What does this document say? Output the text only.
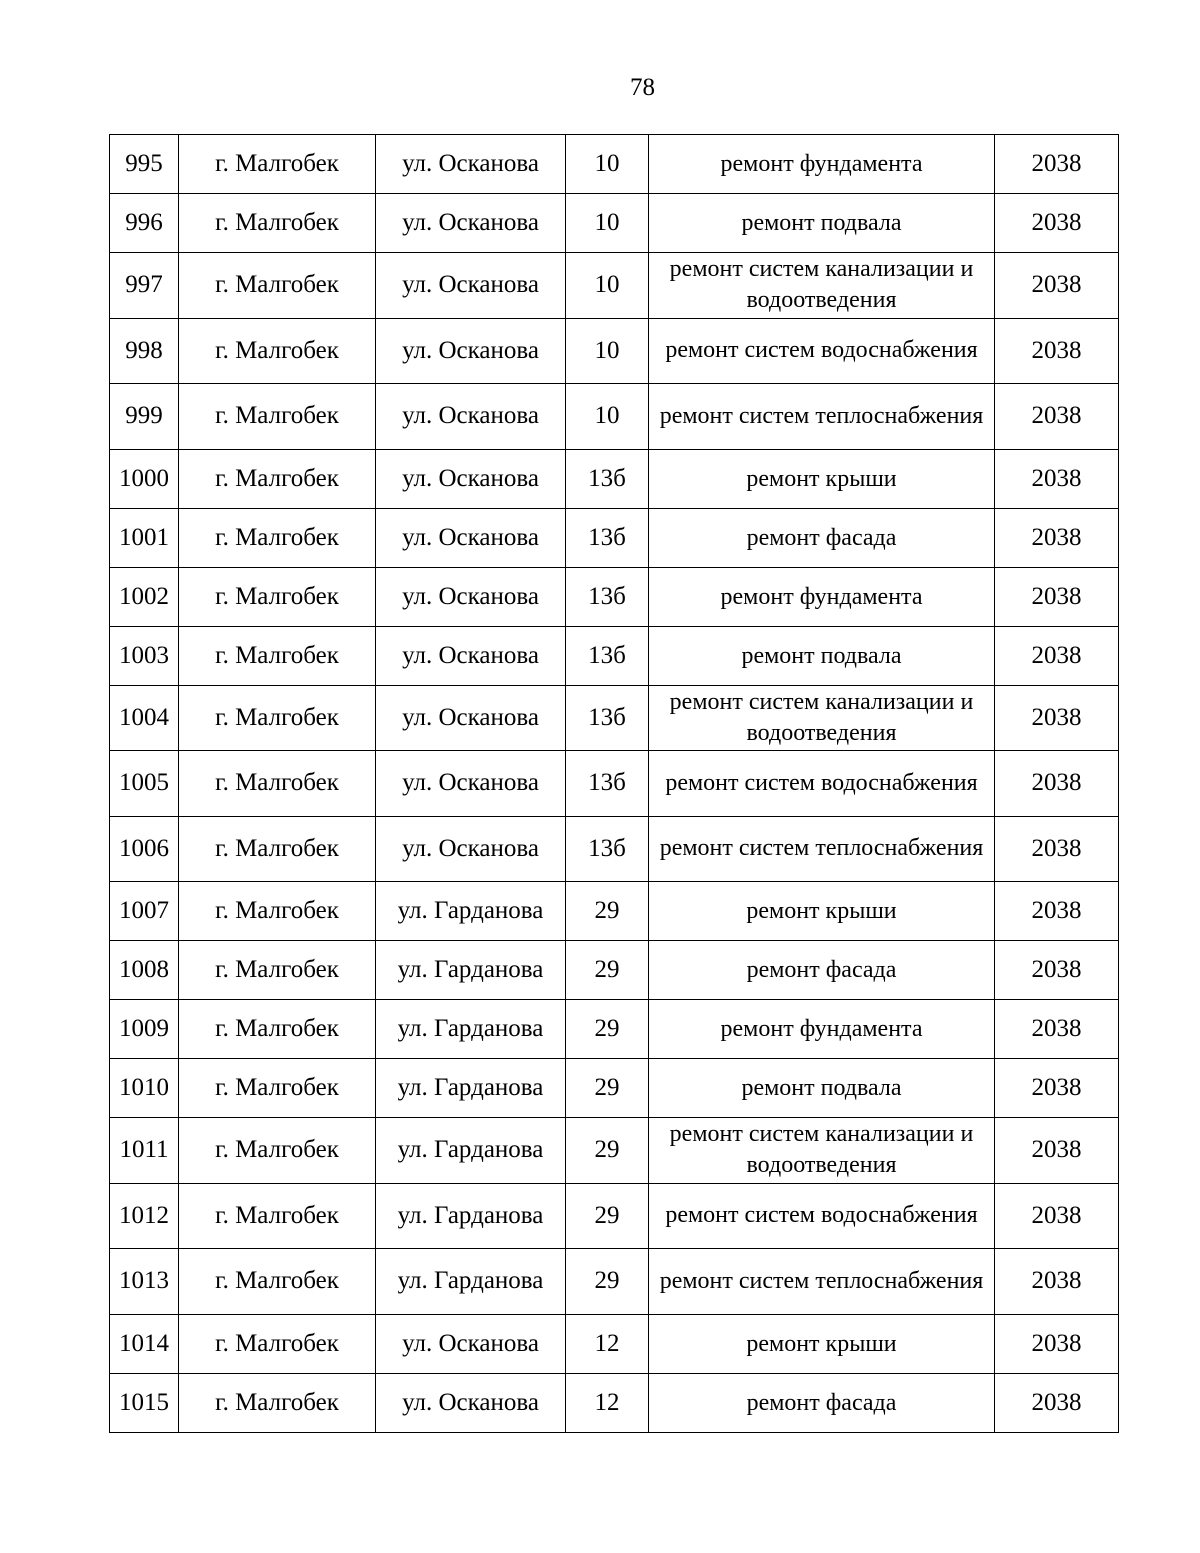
78
995	г. Малгобек	ул. Осканова	10	ремонт фундамента	2038
996	г. Малгобек	ул. Осканова	10	ремонт подвала	2038
997	г. Малгобек	ул. Осканова	10	ремонт систем канализации и водоотведения	2038
998	г. Малгобек	ул. Осканова	10	ремонт систем водоснабжения	2038
999	г. Малгобек	ул. Осканова	10	ремонт систем теплоснабжения	2038
1000	г. Малгобек	ул. Осканова	13б	ремонт крыши	2038
1001	г. Малгобек	ул. Осканова	13б	ремонт фасада	2038
1002	г. Малгобек	ул. Осканова	13б	ремонт фундамента	2038
1003	г. Малгобек	ул. Осканова	13б	ремонт подвала	2038
1004	г. Малгобек	ул. Осканова	13б	ремонт систем канализации и водоотведения	2038
1005	г. Малгобек	ул. Осканова	13б	ремонт систем водоснабжения	2038
1006	г. Малгобек	ул. Осканова	13б	ремонт систем теплоснабжения	2038
1007	г. Малгобек	ул. Гарданова	29	ремонт крыши	2038
1008	г. Малгобек	ул. Гарданова	29	ремонт фасада	2038
1009	г. Малгобек	ул. Гарданова	29	ремонт фундамента	2038
1010	г. Малгобек	ул. Гарданова	29	ремонт подвала	2038
1011	г. Малгобек	ул. Гарданова	29	ремонт систем канализации и водоотведения	2038
1012	г. Малгобек	ул. Гарданова	29	ремонт систем водоснабжения	2038
1013	г. Малгобек	ул. Гарданова	29	ремонт систем теплоснабжения	2038
1014	г. Малгобек	ул. Осканова	12	ремонт крыши	2038
1015	г. Малгобек	ул. Осканова	12	ремонт фасада	2038
